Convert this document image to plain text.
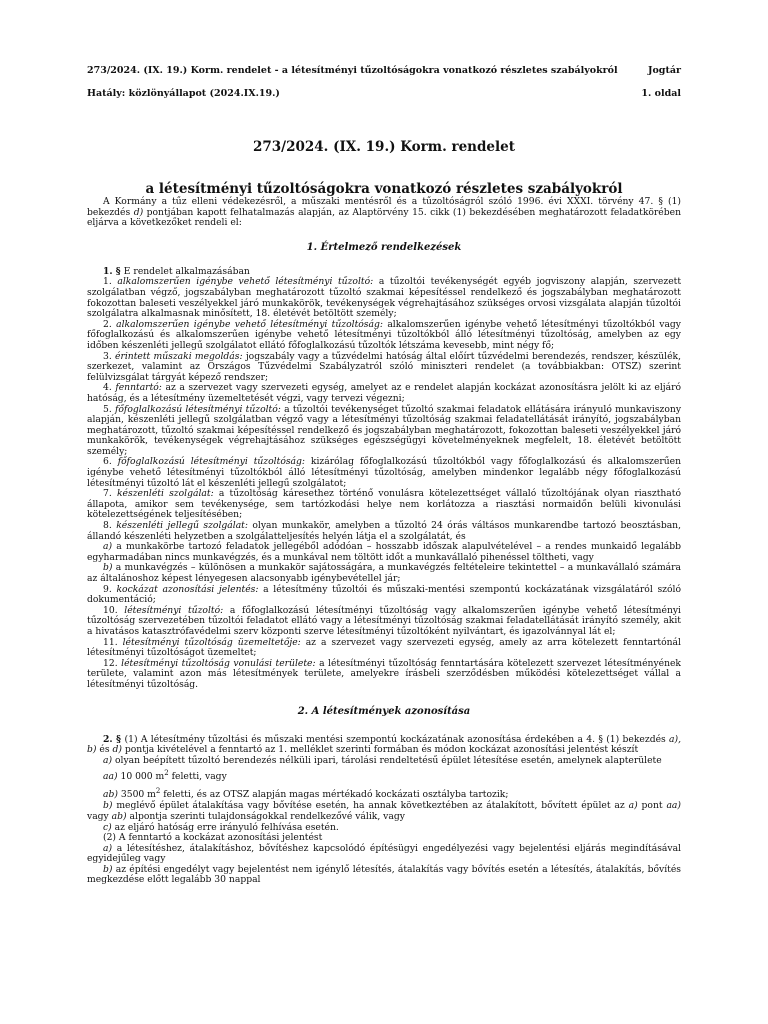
273/2024. (IX. 19.) Korm. rendelet - a létesítményi tűzoltóságokra vonatkozó részletes szabályokról	Jogtár
Hatály: közlönyállapot (2024.IX.19.)	1. oldal
273/2024. (IX. 19.) Korm. rendelet
a létesítményi tűzoltóságokra vonatkozó részletes szabályokról

A Kormány a tűz elleni védekezésről, a műszaki mentésről és a tűzoltóságról szóló 1996. évi XXXI. törvény 47. § (1) bekezdés d) pontjában kapott felhatalmazás alapján, az Alaptörvény 15. cikk (1) bekezdésében meghatározott feladatkörében eljárva a következőket rendeli el:

1. Értelmező rendelkezések

1. § E rendelet alkalmazásában

1. alkalomszerűen igénybe vehető létesítményi tűzoltó: a tűzoltói tevékenységét egyéb jogviszony alapján, szervezett szolgálatban végző, jogszabályban meghatározott tűzoltó szakmai képesítéssel rendelkező és jogszabályban meghatározott fokozottan baleseti veszélyekkel járó munkakörök, tevékenységek végrehajtásához szükséges orvosi vizsgálata alapján tűzoltói szolgálatra alkalmasnak minősített, 18. életévét betöltött személy;

2. alkalomszerűen igénybe vehető létesítményi tűzoltóság: alkalomszerűen igénybe vehető létesítményi tűzoltókból vagy főfoglalkozású és alkalomszerűen igénybe vehető létesítményi tűzoltókból álló létesítményi tűzoltóság, amelyben az egy időben készenléti jellegű szolgálatot ellátó főfoglalkozású tűzoltók létszáma kevesebb, mint négy fő;

3. érintett műszaki megoldás: jogszabály vagy a tűzvédelmi hatóság által előírt tűzvédelmi berendezés, rendszer, készülék, szerkezet, valamint az Országos Tűzvédelmi Szabályzatról szóló miniszteri rendelet (a továbbiakban: OTSZ) szerint felülvizsgálat tárgyát képező rendszer;

4. fenntartó: az a szervezet vagy szervezeti egység, amelyet az e rendelet alapján kockázat azonosításra jelölt ki az eljáró hatóság, és a létesítmény üzemeltetését végzi, vagy tervezi végezni;

5. főfoglalkozású létesítményi tűzoltó: a tűzoltói tevékenységet tűzoltó szakmai feladatok ellátására irányuló munkaviszony alapján, készenléti jellegű szolgálatban végző vagy a létesítményi tűzoltóság szakmai feladatellátását irányító, jogszabályban meghatározott, tűzoltó szakmai képesítéssel rendelkező és jogszabályban meghatározott, fokozottan baleseti veszélyekkel járó munkakörök, tevékenységek végrehajtásához szükséges egészségügyi követelményeknek megfelelt, 18. életévét betöltött személy;

6. főfoglalkozású létesítményi tűzoltóság: kizárólag főfoglalkozású tűzoltókból vagy főfoglalkozású és alkalomszerűen igénybe vehető létesítményi tűzoltókból álló létesítményi tűzoltóság, amelyben mindenkor legalább négy főfoglalkozású létesítményi tűzoltó lát el készenléti jellegű szolgálatot;

7. készenléti szolgálat: a tűzoltóság káresethez történő vonulásra kötelezettséget vállaló tűzoltójának olyan riasztható állapota, amikor sem tevékenysége, sem tartózkodási helye nem korlátozza a riasztási normaidőn belüli kivonulási kötelezettségének teljesítésében;

8. készenléti jellegű szolgálat: olyan munkakör, amelyben a tűzoltó 24 órás váltásos munkarendbe tartozó beosztásban, állandó készenléti helyzetben a szolgálatteljesítés helyén látja el a szolgálatát, és

a) a munkakörbe tartozó feladatok jellegéből adódóan – hosszabb időszak alapulvételével – a rendes munkaidő legalább egyharmadában nincs munkavégzés, és a munkával nem töltött időt a munkavállaló pihenéssel töltheti, vagy

b) a munkavégzés – különösen a munkakör sajátosságára, a munkavégzés feltételeire tekintettel – a munkavállaló számára az általánoshoz képest lényegesen alacsonyabb igénybevétellel jár;

9. kockázat azonosítási jelentés: a létesítmény tűzoltói és műszaki-mentési szempontú kockázatának vizsgálatáról szóló dokumentáció;

10. létesítményi tűzoltó: a főfoglalkozású létesítményi tűzoltóság vagy alkalomszerűen igénybe vehető létesítményi tűzoltóság szervezetében tűzoltói feladatot ellátó vagy a létesítményi tűzoltóság szakmai feladatellátását irányító személy, akit a hivatásos katasztrófavédelmi szerv központi szerve létesítményi tűzoltóként nyilvántart, és igazolvánnyal lát el;

11. létesítményi tűzoltóság üzemeltetője: az a szervezet vagy szervezeti egység, amely az arra kötelezett fenntartónál létesítményi tűzoltóságot üzemeltet;

12. létesítményi tűzoltóság vonulási területe: a létesítményi tűzoltóság fenntartására kötelezett szervezet létesítményének területe, valamint azon más létesítmények területe, amelyekre írásbeli szerződésben működési kötelezettséget vállal a létesítményi tűzoltóság.

2. A létesítmények azonosítása

2. § (1) A létesítmény tűzoltási és műszaki mentési szempontú kockázatának azonosítása érdekében a 4. § (1) bekezdés a), b) és d) pontja kivételével a fenntartó az 1. melléklet szerinti formában és módon kockázat azonosítási jelentést készít

a) olyan beépített tűzoltó berendezés nélküli ipari, tárolási rendeltetésű épület létesítése esetén, amelynek alapterülete

aa) 10 000 $m^2$ feletti, vagy

ab) 3500 $m^2$ feletti, és az OTSZ alapján magas mértékadó kockázati osztályba tartozik;

b) meglévő épület átalakítása vagy bővítése esetén, ha annak következtében az átalakított, bővített épület az a) pont aa) vagy ab) alpontja szerinti tulajdonságokkal rendelkezővé válik, vagy

c) az eljáró hatóság erre irányuló felhívása esetén.

(2) A fenntartó a kockázat azonosítási jelentést

a) a létesítéshez, átalakításhoz, bővítéshez kapcsolódó építésügyi engedélyezési vagy bejelentési eljárás megindításával egyidejűleg vagy

b) az építési engedélyt vagy bejelentést nem igénylő létesítés, átalakítás vagy bővítés esetén a létesítés, átalakítás, bővítés megkezdése előtt legalább 30 nappal
